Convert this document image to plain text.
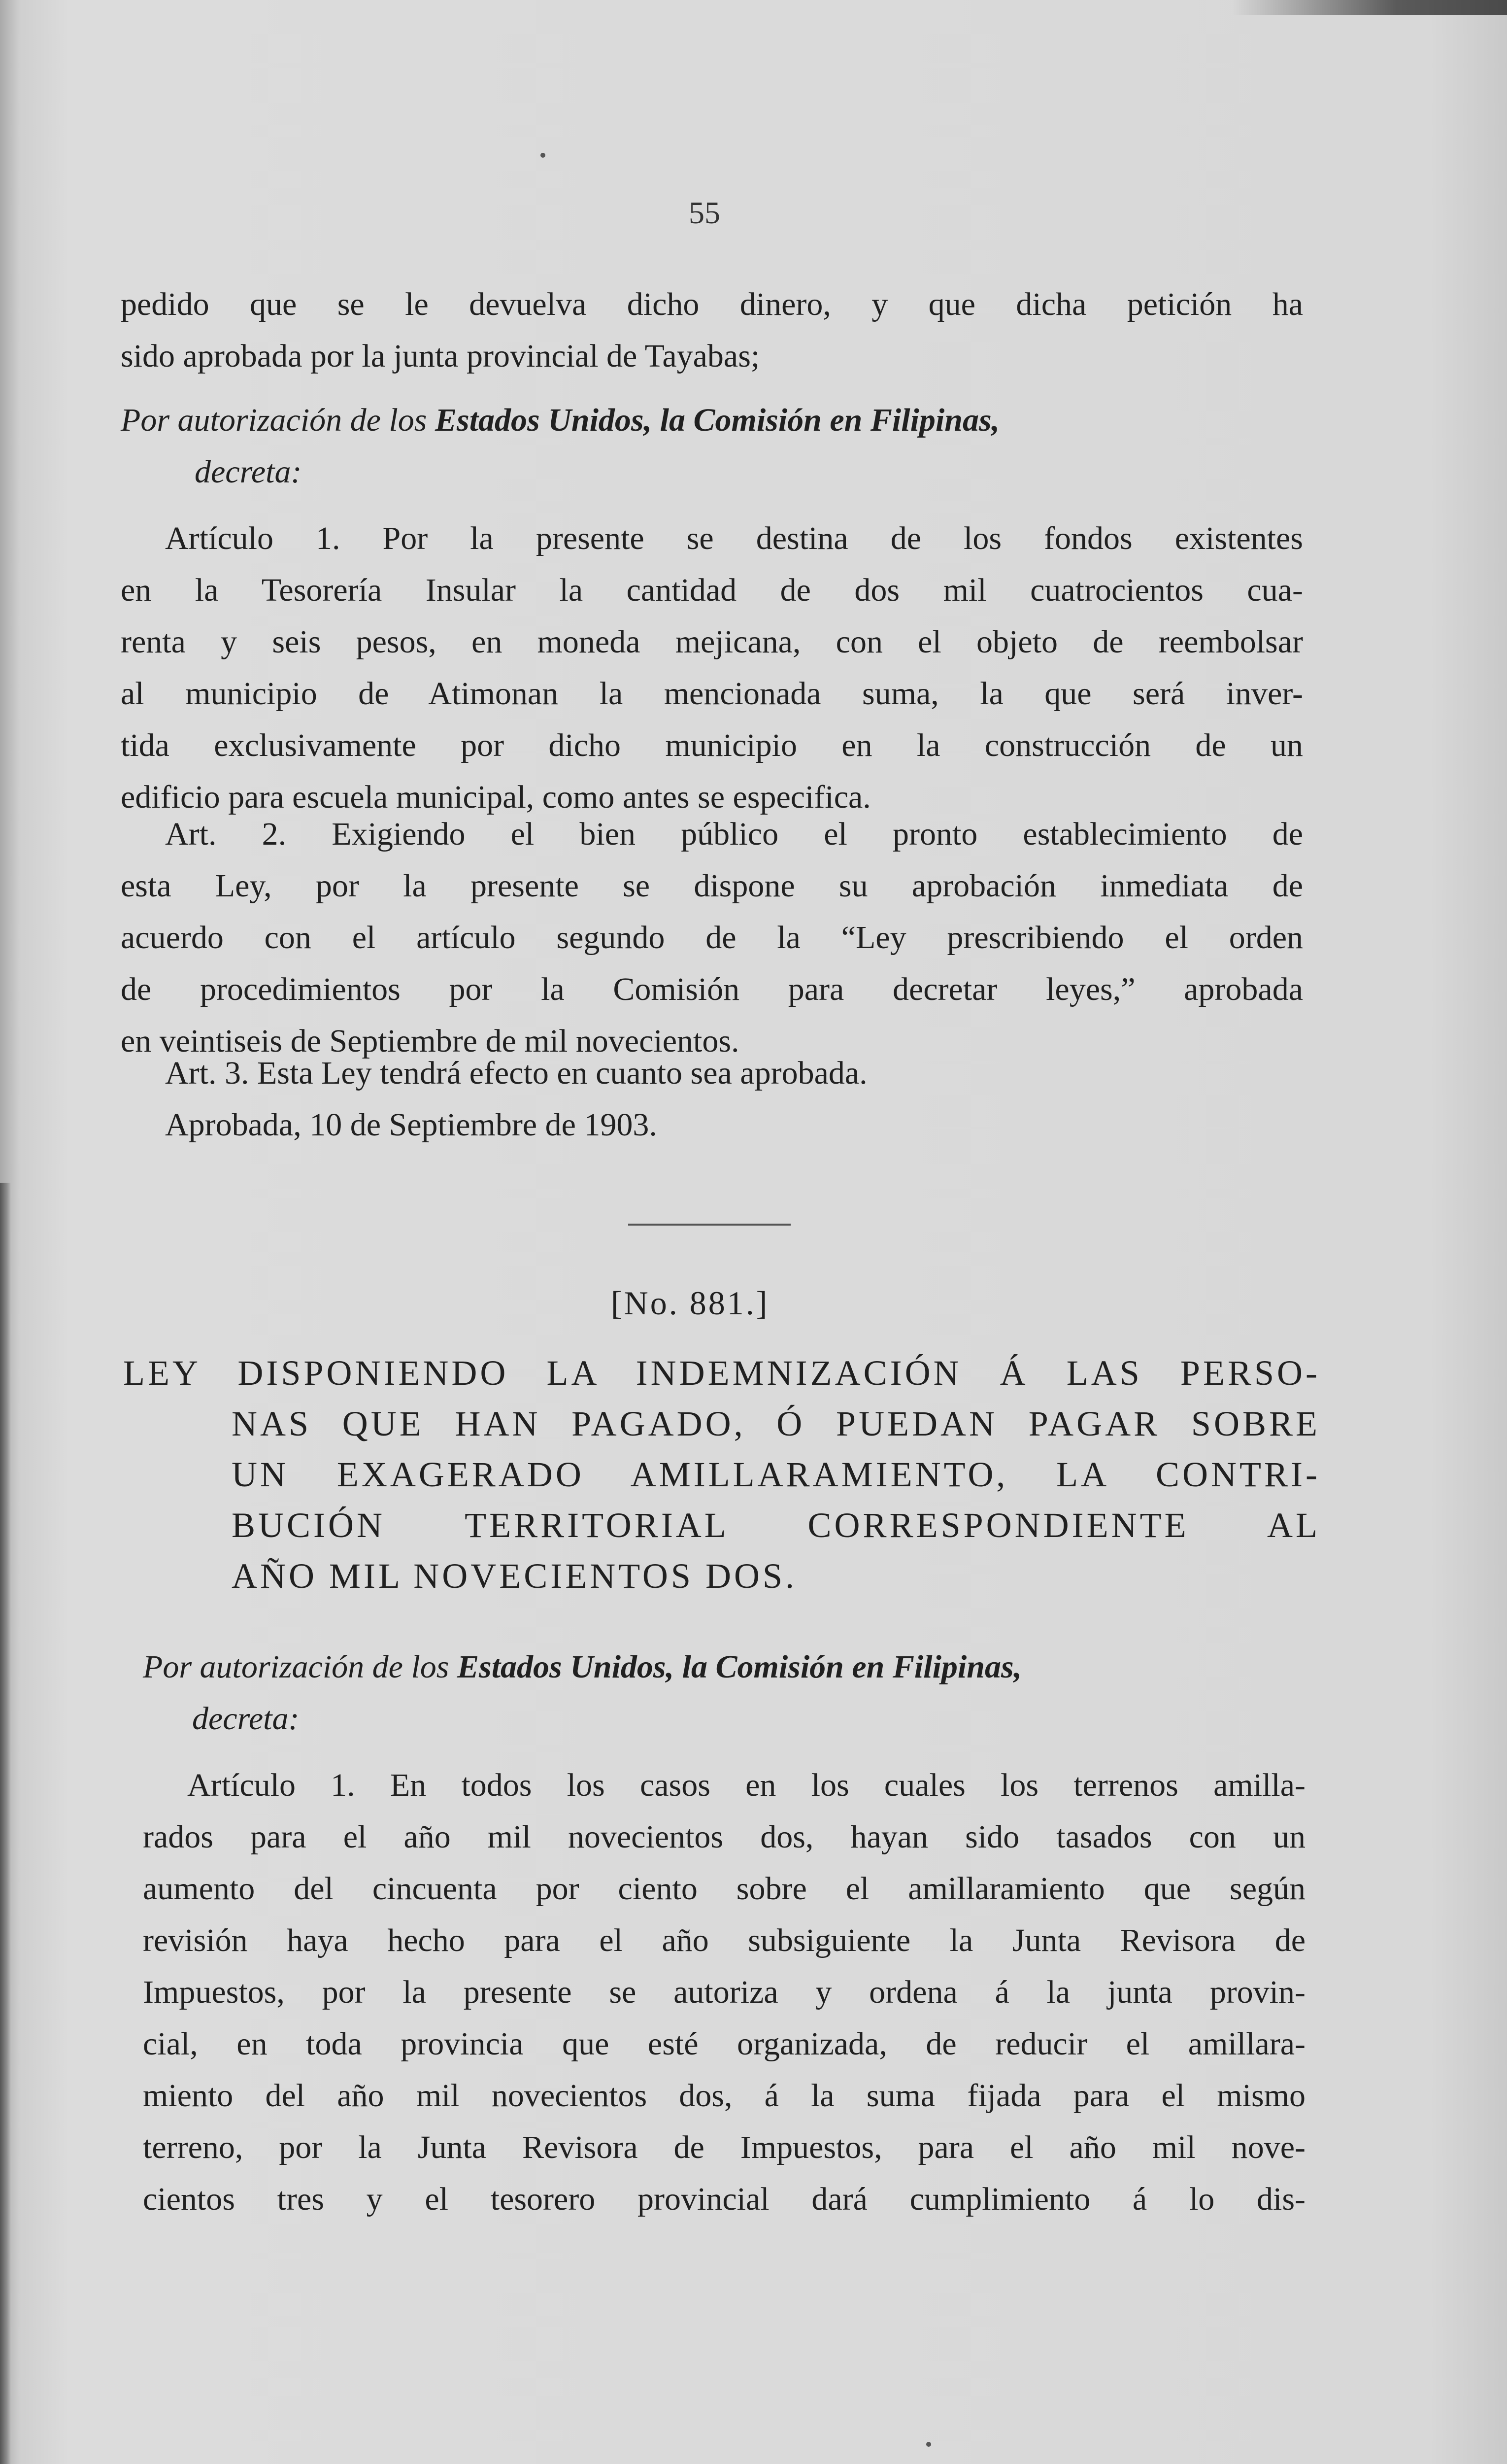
55
pedido que se le devuelva dicho dinero, y que dicha petición ha
sido aprobada por la junta provincial de Tayabas;
Por autorización de los Estados Unidos, la Comisión en Filipinas,
decreta:
Artículo 1. Por la presente se destina de los fondos existentes
en la Tesorería Insular la cantidad de dos mil cuatrocientos cua-
renta y seis pesos, en moneda mejicana, con el objeto de reembolsar
al municipio de Atimonan la mencionada suma, la que será inver-
tida exclusivamente por dicho municipio en la construcción de un
edificio para escuela municipal, como antes se especifica.
Art. 2. Exigiendo el bien público el pronto establecimiento de
esta Ley, por la presente se dispone su aprobación inmediata de
acuerdo con el artículo segundo de la “Ley prescribiendo el orden
de procedimientos por la Comisión para decretar leyes,” aprobada
en veintiseis de Septiembre de mil novecientos.
Art. 3. Esta Ley tendrá efecto en cuanto sea aprobada.
Aprobada, 10 de Septiembre de 1903.
[No. 881.]
LEY DISPONIENDO LA INDEMNIZACIÓN Á LAS PERSO-
NAS QUE HAN PAGADO, Ó PUEDAN PAGAR SOBRE
UN EXAGERADO AMILLARAMIENTO, LA CONTRI-
BUCIÓN TERRITORIAL CORRESPONDIENTE AL
AÑO MIL NOVECIENTOS DOS.
Por autorización de los Estados Unidos, la Comisión en Filipinas,
decreta:
Artículo 1. En todos los casos en los cuales los terrenos amilla-
rados para el año mil novecientos dos, hayan sido tasados con un
aumento del cincuenta por ciento sobre el amillaramiento que según
revisión haya hecho para el año subsiguiente la Junta Revisora de
Impuestos, por la presente se autoriza y ordena á la junta provin-
cial, en toda provincia que esté organizada, de reducir el amillara-
miento del año mil novecientos dos, á la suma fijada para el mismo
terreno, por la Junta Revisora de Impuestos, para el año mil nove-
cientos tres y el tesorero provincial dará cumplimiento á lo dis-
